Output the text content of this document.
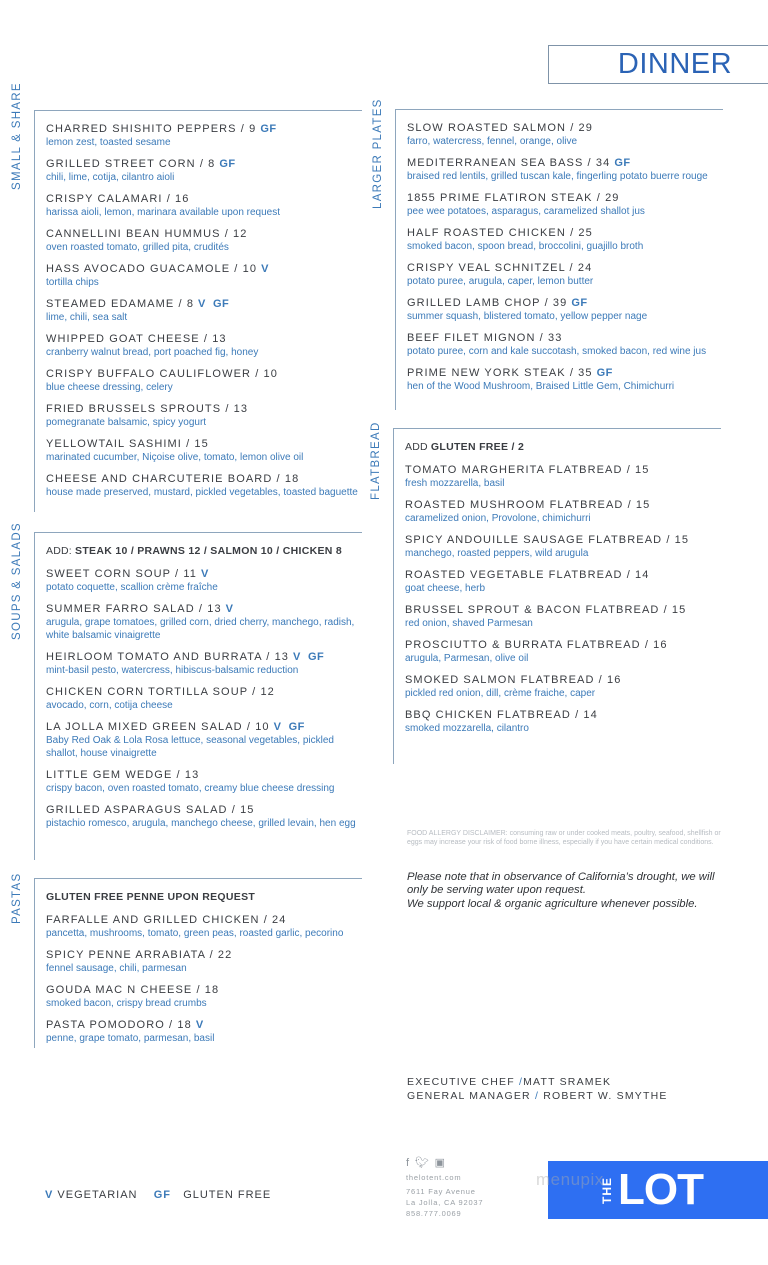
DINNER
SMALL & SHARE CHARRED SHISHITO PEPPERS / 9 GF
lemon zest, toasted sesame
GRILLED STREET CORN / 8 GF
chili, lime, cotija, cilantro aioli
CRISPY CALAMARI / 16
harissa aioli, lemon, marinara available upon request
CANNELLINI BEAN HUMMUS / 12
oven roasted tomato, grilled pita, crudités
HASS AVOCADO GUACAMOLE / 10 V
tortilla chips
STEAMED EDAMAME / 8 V  GF
lime, chili, sea salt
WHIPPED GOAT CHEESE / 13
cranberry walnut bread, port poached fig, honey
CRISPY BUFFALO CAULIFLOWER / 10
blue cheese dressing, celery
FRIED BRUSSELS SPROUTS / 13
pomegranate balsamic, spicy yogurt
YELLOWTAIL SASHIMI / 15
marinated cucumber, Niçoise olive, tomato, lemon olive oil
CHEESE AND CHARCUTERIE BOARD / 18
house made preserved, mustard, pickled vegetables, toasted baguette
SOUPS & SALADS ADD: STEAK 10 / PRAWNS 12 / SALMON 10 / CHICKEN 8
SWEET CORN SOUP / 11 V
potato coquette, scallion crème fraîche
SUMMER FARRO SALAD / 13 V
arugula, grape tomatoes, grilled corn, dried cherry, manchego, radish, white balsamic vinaigrette
HEIRLOOM TOMATO AND BURRATA / 13 V  GF
mint-basil pesto, watercress, hibiscus-balsamic reduction
CHICKEN CORN TORTILLA SOUP / 12
avocado, corn, cotija cheese
LA JOLLA MIXED GREEN SALAD / 10 V  GF
Baby Red Oak & Lola Rosa lettuce, seasonal vegetables, pickled shallot, house vinaigrette
LITTLE GEM WEDGE / 13
crispy bacon, oven roasted tomato, creamy blue cheese dressing
GRILLED ASPARAGUS SALAD / 15
pistachio romesco, arugula, manchego cheese, grilled levain, hen egg
PASTAS GLUTEN FREE PENNE UPON REQUEST
FARFALLE AND GRILLED CHICKEN / 24
pancetta, mushrooms, tomato, green peas, roasted garlic, pecorino
SPICY PENNE ARRABIATA / 22
fennel sausage, chili, parmesan
GOUDA MAC N CHEESE / 18
smoked bacon, crispy bread crumbs
PASTA POMODORO / 18 V
penne, grape tomato, parmesan, basil
LARGER PLATES SLOW ROASTED SALMON / 29
farro, watercress, fennel, orange, olive
MEDITERRANEAN SEA BASS / 34 GF
braised red lentils, grilled tuscan kale, fingerling potato buerre rouge
1855 PRIME FLATIRON STEAK / 29
pee wee potatoes, asparagus, caramelized shallot jus
HALF ROASTED CHICKEN / 25
smoked bacon, spoon bread, broccolini, guajillo broth
CRISPY VEAL SCHNITZEL / 24
potato puree, arugula, caper, lemon butter
GRILLED LAMB CHOP / 39 GF
summer squash, blistered tomato, yellow pepper nage
BEEF FILET MIGNON / 33
potato puree, corn and kale succotash, smoked bacon, red wine jus
PRIME NEW YORK STEAK / 35 GF
hen of the Wood Mushroom, Braised Little Gem, Chimichurri
FLATBREAD ADD GLUTEN FREE / 2
TOMATO MARGHERITA FLATBREAD / 15
fresh mozzarella, basil
ROASTED MUSHROOM FLATBREAD / 15
caramelized onion, Provolone, chimichurri
SPICY ANDOUILLE SAUSAGE FLATBREAD / 15
manchego, roasted peppers, wild arugula
ROASTED VEGETABLE FLATBREAD / 14
goat cheese, herb
BRUSSEL SPROUT & BACON FLATBREAD / 15
red onion, shaved Parmesan
PROSCIUTTO & BURRATA FLATBREAD / 16
arugula, Parmesan, olive oil
SMOKED SALMON FLATBREAD / 16
pickled red onion, dill, crème fraiche, caper
BBQ CHICKEN FLATBREAD / 14
smoked mozzarella, cilantro
FOOD ALLERGY DISCLAIMER: consuming raw or under cooked meats, poultry, seafood, shellfish or eggs may increase your risk of food borne illness, especially if you have certain medical conditions.
Please note that in observance of California’s drought, we will only be serving water upon request.
We support local & organic agriculture whenever possible.
EXECUTIVE CHEF /MATT SRAMEK
GENERAL MANAGER / ROBERT W. SMYTHE
f 🐦︎ ▣
thelotent.com
7611 Fay Avenue
La Jolla, CA 92037
858.777.0069
THE LOT
menupix
V VEGETARIAN GF GLUTEN FREE
